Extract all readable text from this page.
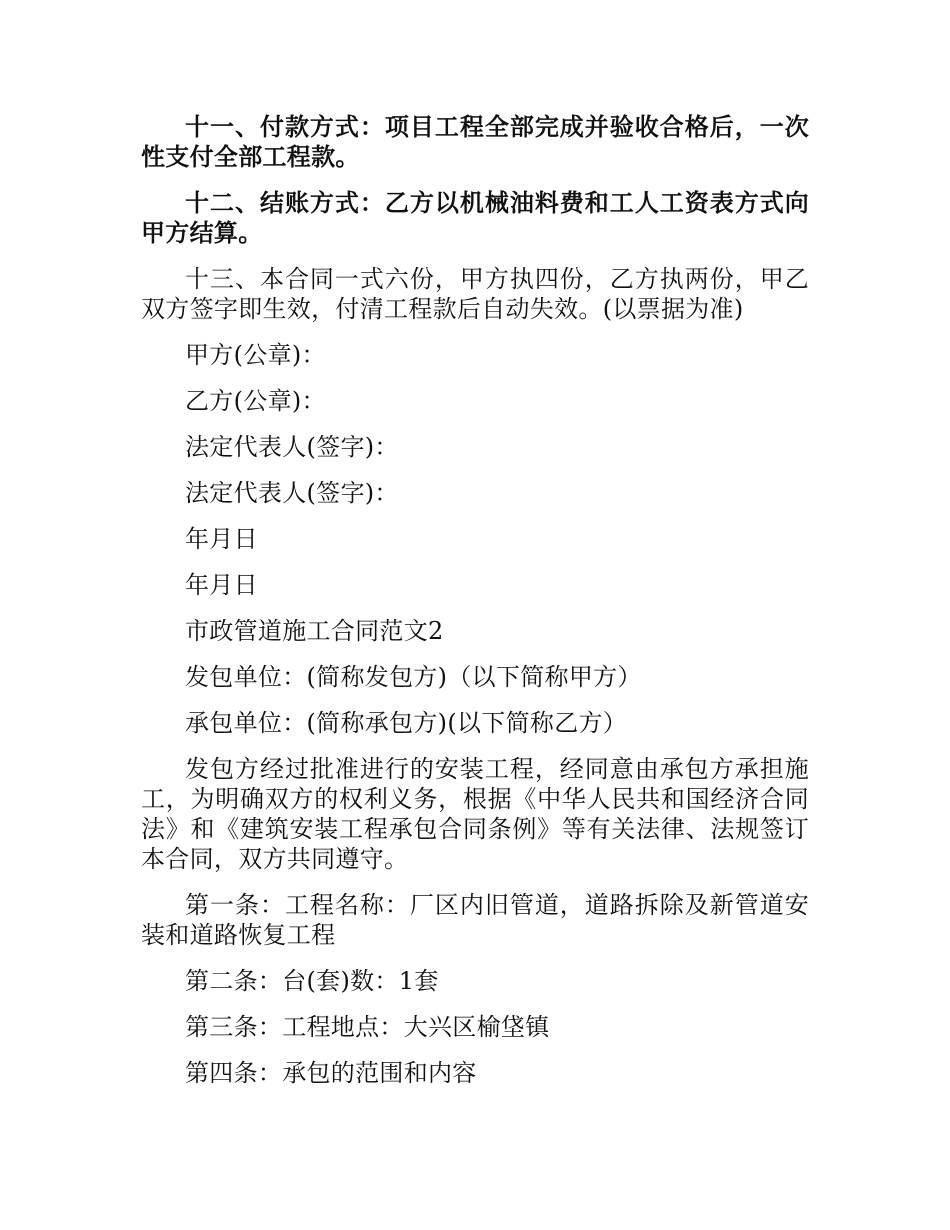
十一、付款方式：项目工程全部完成并验收合格后，一次性支付全部工程款。

十二、结账方式：乙方以机械油料费和工人工资表方式向甲方结算。

十三、本合同一式六份，甲方执四份，乙方执两份，甲乙双方签字即生效，付清工程款后自动失效。(以票据为准)

甲方(公章)：

乙方(公章)：

法定代表人(签字)：

法定代表人(签字)：

年月日

年月日

市政管道施工合同范文2

发包单位：(简称发包方)（以下简称甲方）

承包单位：(简称承包方)(以下简称乙方）

发包方经过批准进行的安装工程，经同意由承包方承担施工，为明确双方的权利义务，根据《中华人民共和国经济合同法》和《建筑安装工程承包合同条例》等有关法律、法规签订本合同，双方共同遵守。

第一条：工程名称：厂区内旧管道，道路拆除及新管道安装和道路恢复工程

第二条：台(套)数：1套

第三条：工程地点：大兴区榆垡镇

第四条：承包的范围和内容
